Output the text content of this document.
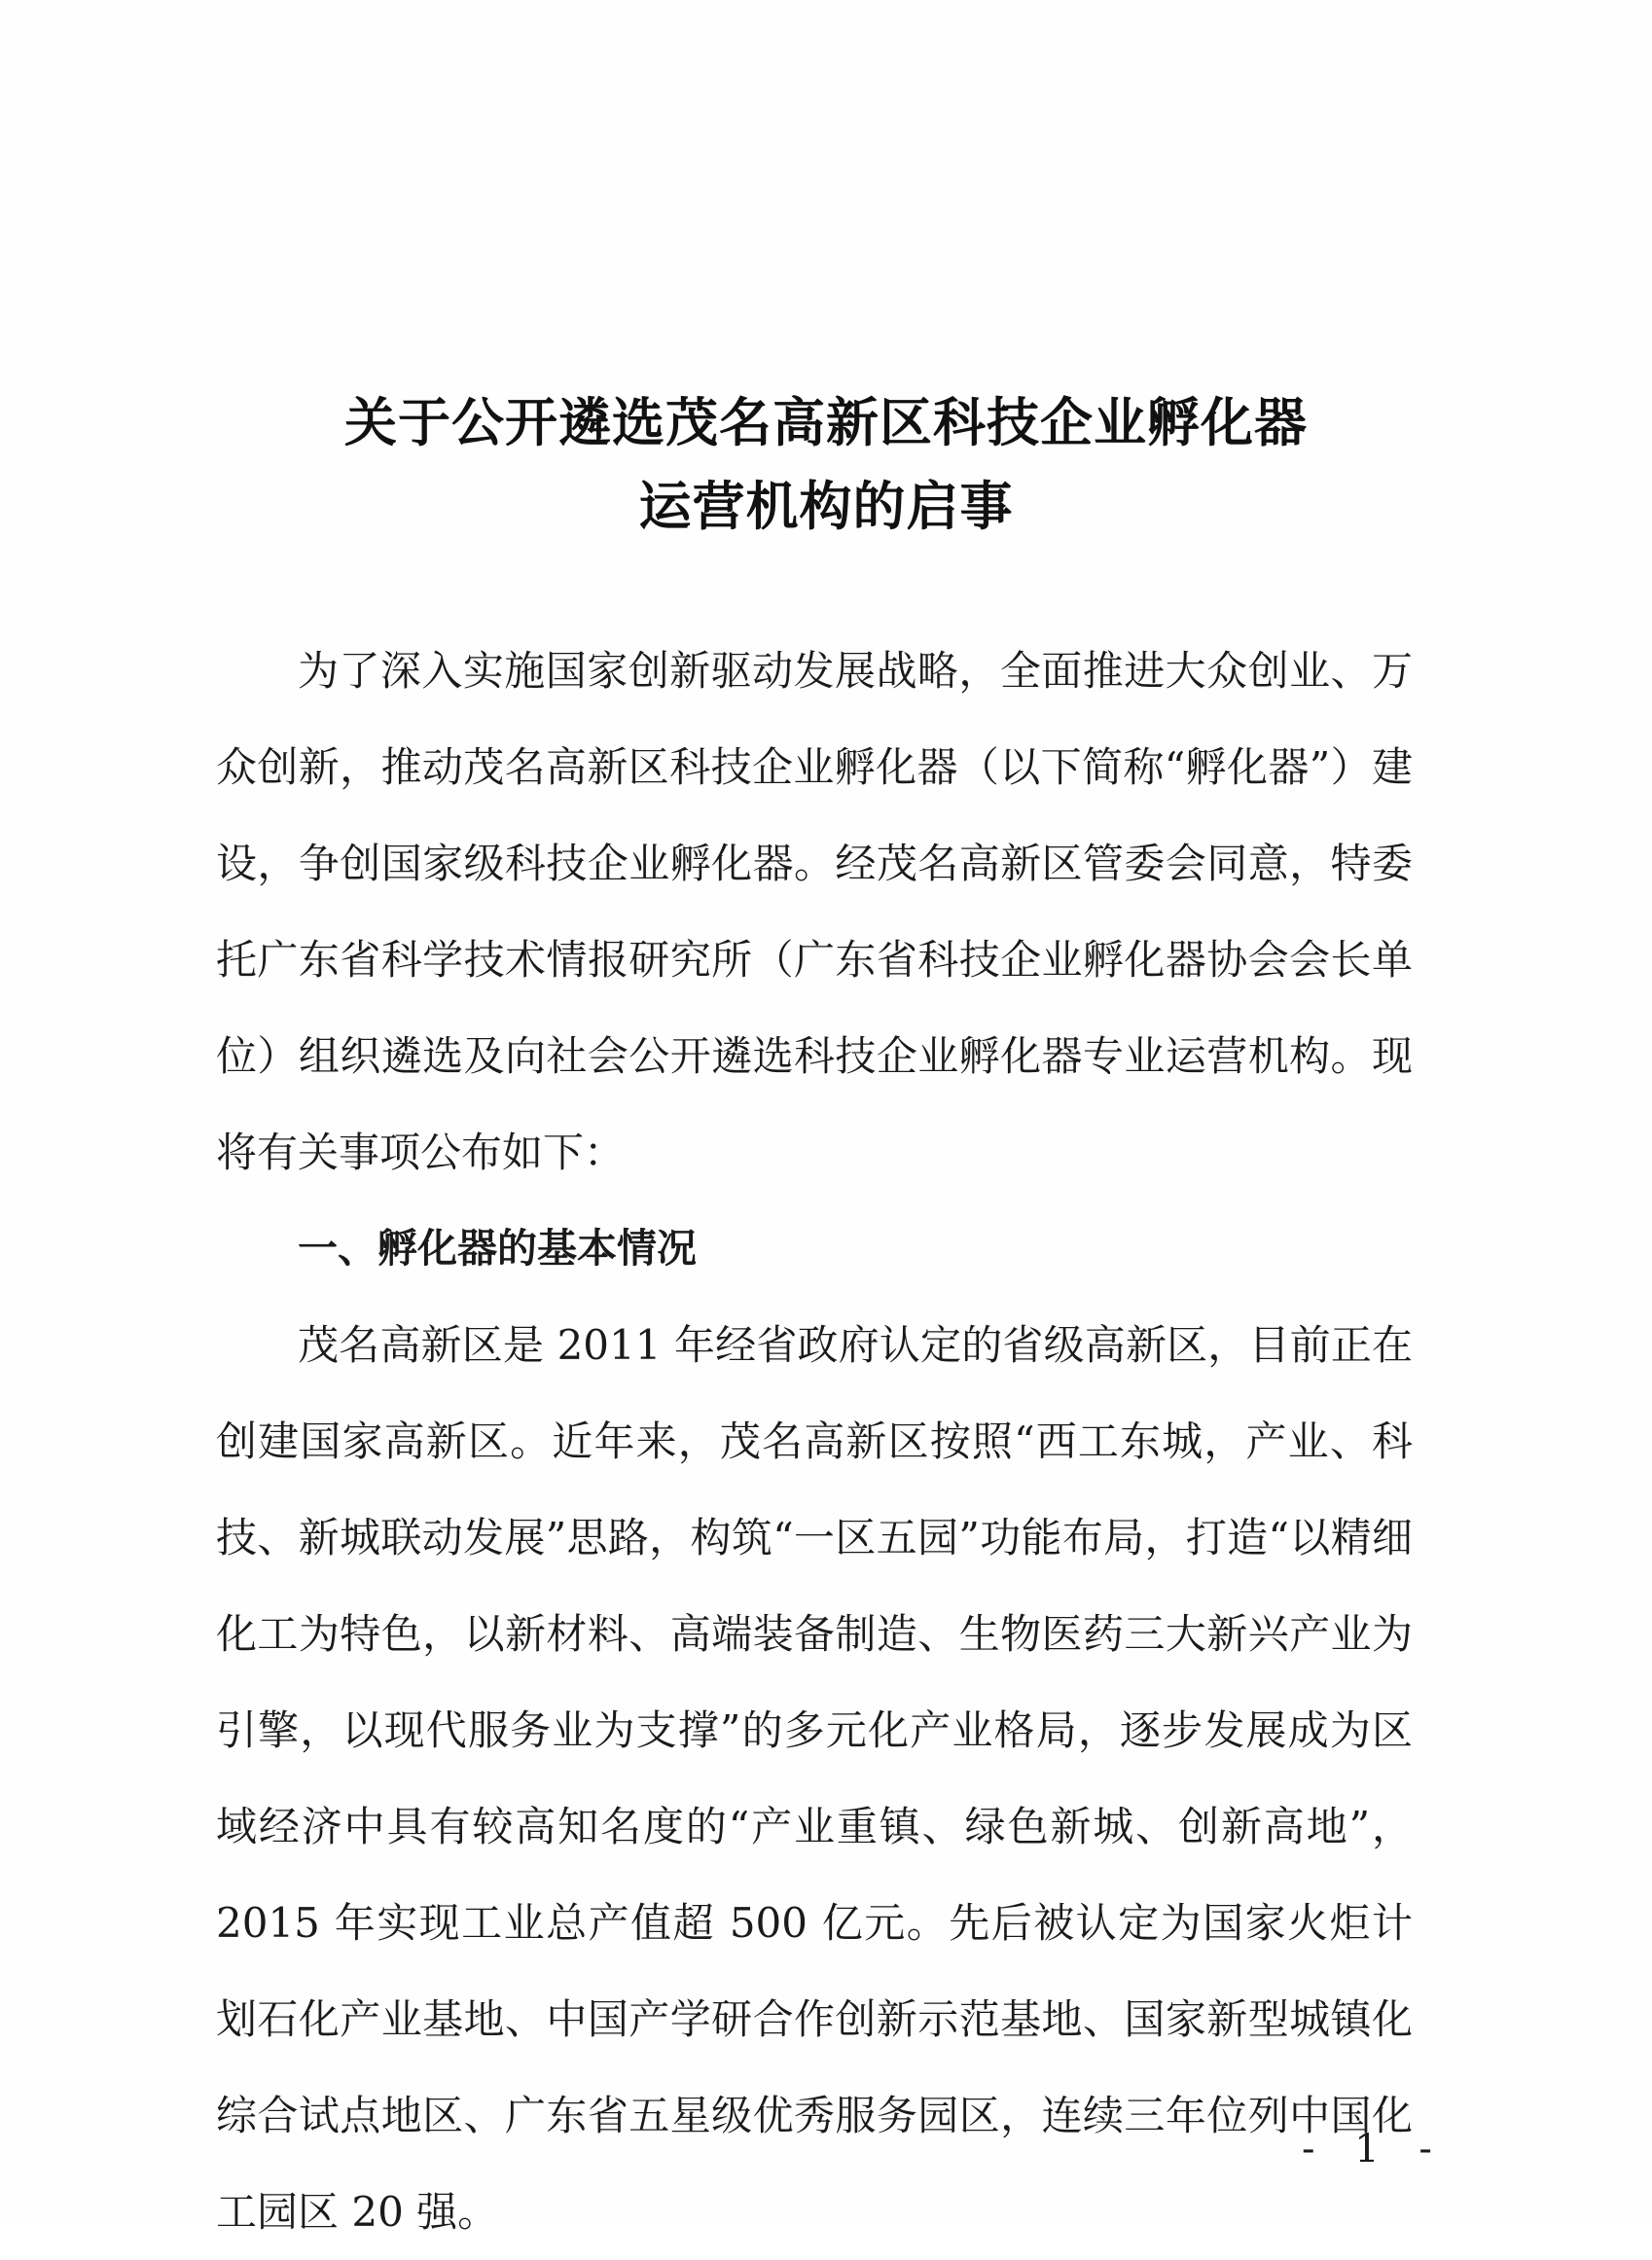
关于公开遴选茂名高新区科技企业孵化器
运营机构的启事

为了深入实施国家创新驱动发展战略，全面推进大众创业、万众创新，推动茂名高新区科技企业孵化器（以下简称“孵化器”）建设，争创国家级科技企业孵化器。经茂名高新区管委会同意，特委托广东省科学技术情报研究所（广东省科技企业孵化器协会会长单位）组织遴选及向社会公开遴选科技企业孵化器专业运营机构。现将有关事项公布如下：

一、孵化器的基本情况

茂名高新区是 2011 年经省政府认定的省级高新区，目前正在创建国家高新区。近年来，茂名高新区按照“西工东城，产业、科技、新城联动发展”思路，构筑“一区五园”功能布局，打造“以精细化工为特色，以新材料、高端装备制造、生物医药三大新兴产业为引擎，以现代服务业为支撑”的多元化产业格局，逐步发展成为区域经济中具有较高知名度的“产业重镇、绿色新城、创新高地”，2015 年实现工业总产值超 500 亿元。先后被认定为国家火炬计划石化产业基地、中国产学研合作创新示范基地、国家新型城镇化综合试点地区、广东省五星级优秀服务园区，连续三年位列中国化工园区 20 强。

- 1 -
